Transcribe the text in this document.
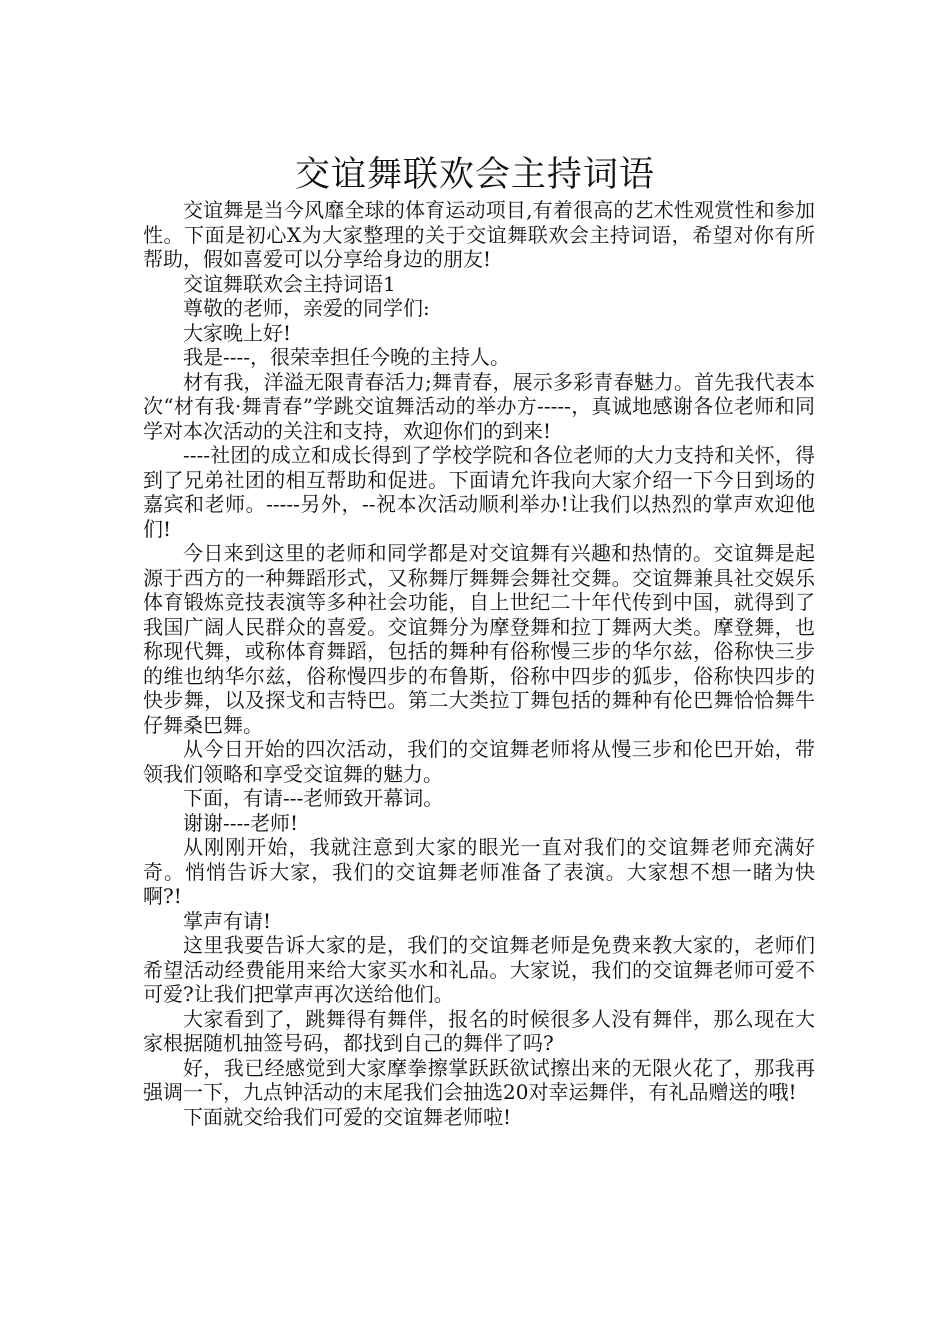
交谊舞联欢会主持词语

交谊舞是当今风靡全球的体育运动项目,有着很高的艺术性观赏性和参加性。下面是初心X为大家整理的关于交谊舞联欢会主持词语，希望对你有所帮助，假如喜爱可以分享给身边的朋友!

交谊舞联欢会主持词语1

尊敬的老师，亲爱的同学们:

大家晚上好!

我是----，很荣幸担任今晚的主持人。

材有我，洋溢无限青春活力;舞青春，展示多彩青春魅力。首先我代表本次“材有我·舞青春”学跳交谊舞活动的举办方-----，真诚地感谢各位老师和同学对本次活动的关注和支持，欢迎你们的到来!

----社团的成立和成长得到了学校学院和各位老师的大力支持和关怀，得到了兄弟社团的相互帮助和促进。下面请允许我向大家介绍一下今日到场的嘉宾和老师。-----另外，--祝本次活动顺利举办!让我们以热烈的掌声欢迎他们!

今日来到这里的老师和同学都是对交谊舞有兴趣和热情的。交谊舞是起源于西方的一种舞蹈形式，又称舞厅舞舞会舞社交舞。交谊舞兼具社交娱乐体育锻炼竞技表演等多种社会功能，自上世纪二十年代传到中国，就得到了我国广阔人民群众的喜爱。交谊舞分为摩登舞和拉丁舞两大类。摩登舞，也称现代舞，或称体育舞蹈，包括的舞种有俗称慢三步的华尔兹，俗称快三步的维也纳华尔兹，俗称慢四步的布鲁斯，俗称中四步的狐步，俗称快四步的快步舞，以及探戈和吉特巴。第二大类拉丁舞包括的舞种有伦巴舞恰恰舞牛仔舞桑巴舞。

从今日开始的四次活动，我们的交谊舞老师将从慢三步和伦巴开始，带领我们领略和享受交谊舞的魅力。

下面，有请---老师致开幕词。

谢谢----老师!

从刚刚开始，我就注意到大家的眼光一直对我们的交谊舞老师充满好奇。悄悄告诉大家，我们的交谊舞老师准备了表演。大家想不想一睹为快啊?!

掌声有请!

这里我要告诉大家的是，我们的交谊舞老师是免费来教大家的，老师们希望活动经费能用来给大家买水和礼品。大家说，我们的交谊舞老师可爱不可爱?让我们把掌声再次送给他们。

大家看到了，跳舞得有舞伴，报名的时候很多人没有舞伴，那么现在大家根据随机抽签号码，都找到自己的舞伴了吗?

好，我已经感觉到大家摩拳擦掌跃跃欲试擦出来的无限火花了，那我再强调一下，九点钟活动的末尾我们会抽选20对幸运舞伴，有礼品赠送的哦!

下面就交给我们可爱的交谊舞老师啦!
